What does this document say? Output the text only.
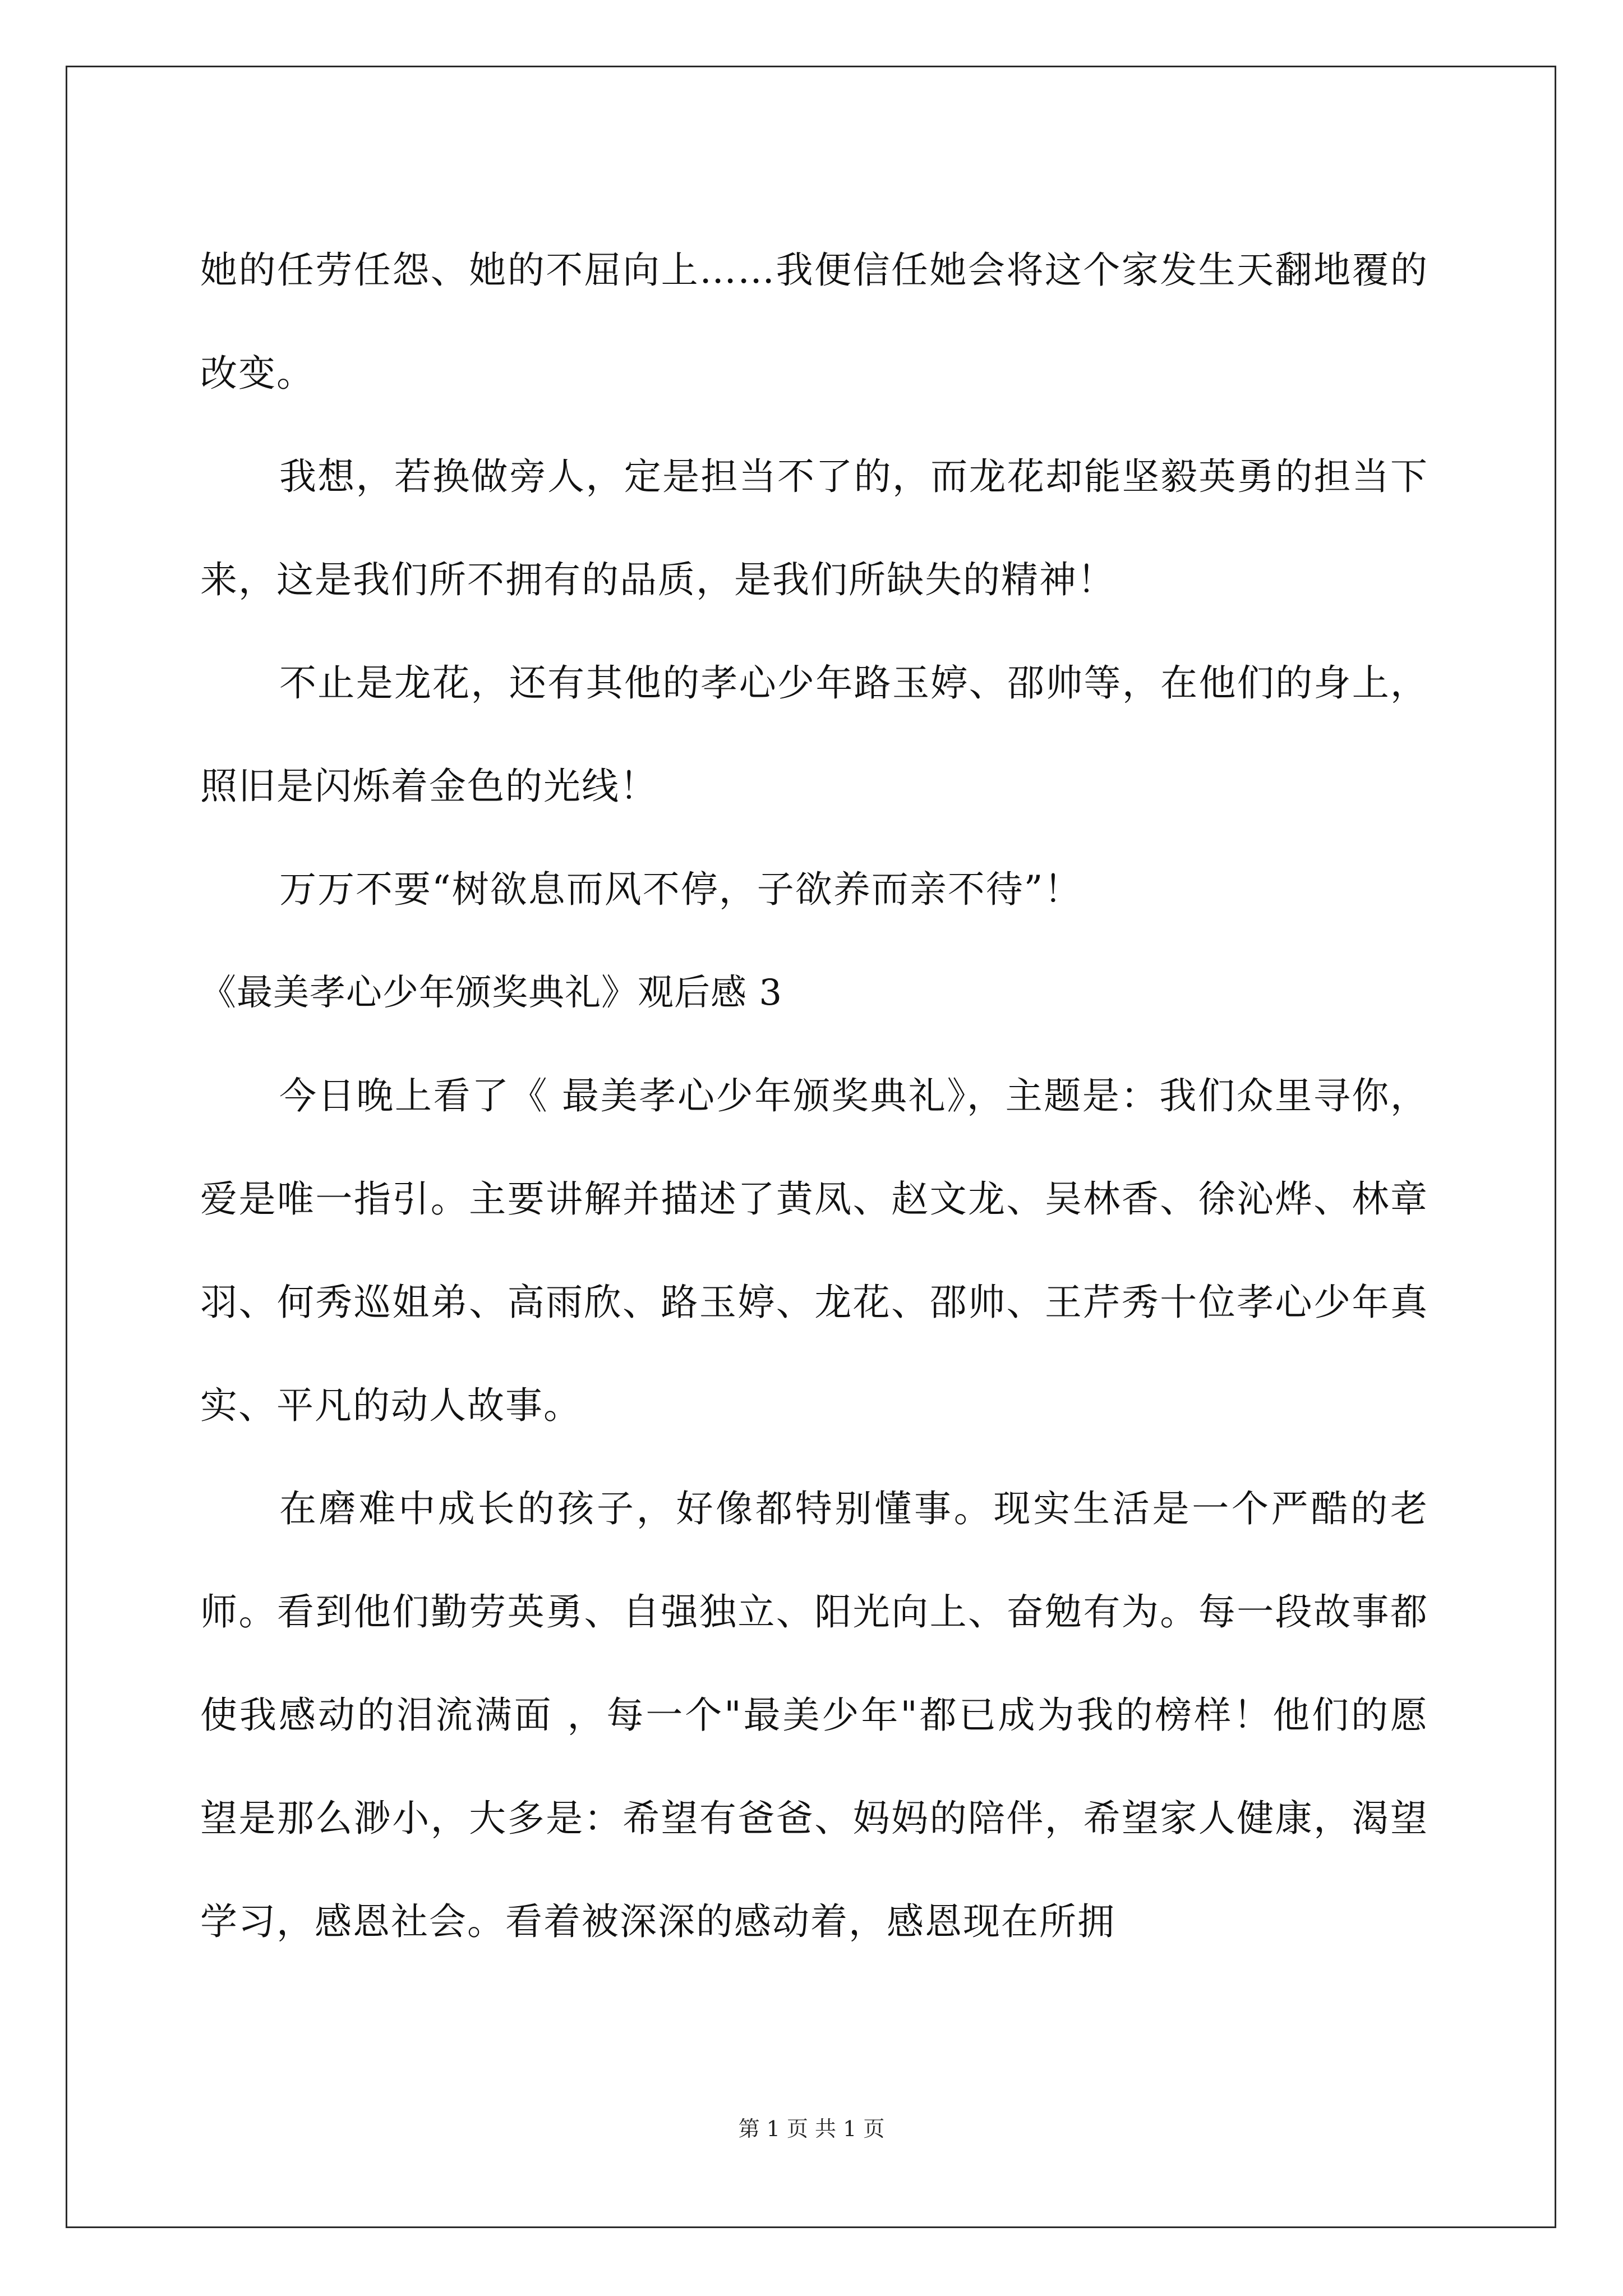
她的任劳任怨、她的不屈向上……我便信任她会将这个家发生天翻地覆的改变。

我想，若换做旁人，定是担当不了的，而龙花却能坚毅英勇的担当下来，这是我们所不拥有的品质，是我们所缺失的精神！

不止是龙花，还有其他的孝心少年路玉婷、邵帅等，在他们的身上，照旧是闪烁着金色的光线！

万万不要“树欲息而风不停，子欲养而亲不待”！

《最美孝心少年颁奖典礼》观后感 3

今日晚上看了《 最美孝心少年颁奖典礼》，主题是：我们众里寻你，爱是唯一指引。主要讲解并描述了黄凤、赵文龙、吴林香、徐沁烨、林章羽、何秀巡姐弟、高雨欣、路玉婷、龙花、邵帅、王芹秀十位孝心少年真实、平凡的动人故事。

在磨难中成长的孩子，好像都特别懂事。现实生活是一个严酷的老师。看到他们勤劳英勇、自强独立、阳光向上、奋勉有为。每一段故事都使我感动的泪流满面 ，每一个"最美少年"都已成为我的榜样！他们的愿望是那么渺小，大多是：希望有爸爸、妈妈的陪伴，希望家人健康，渴望学习，感恩社会。看着被深深的感动着，感恩现在所拥

第 1 页 共 1 页
